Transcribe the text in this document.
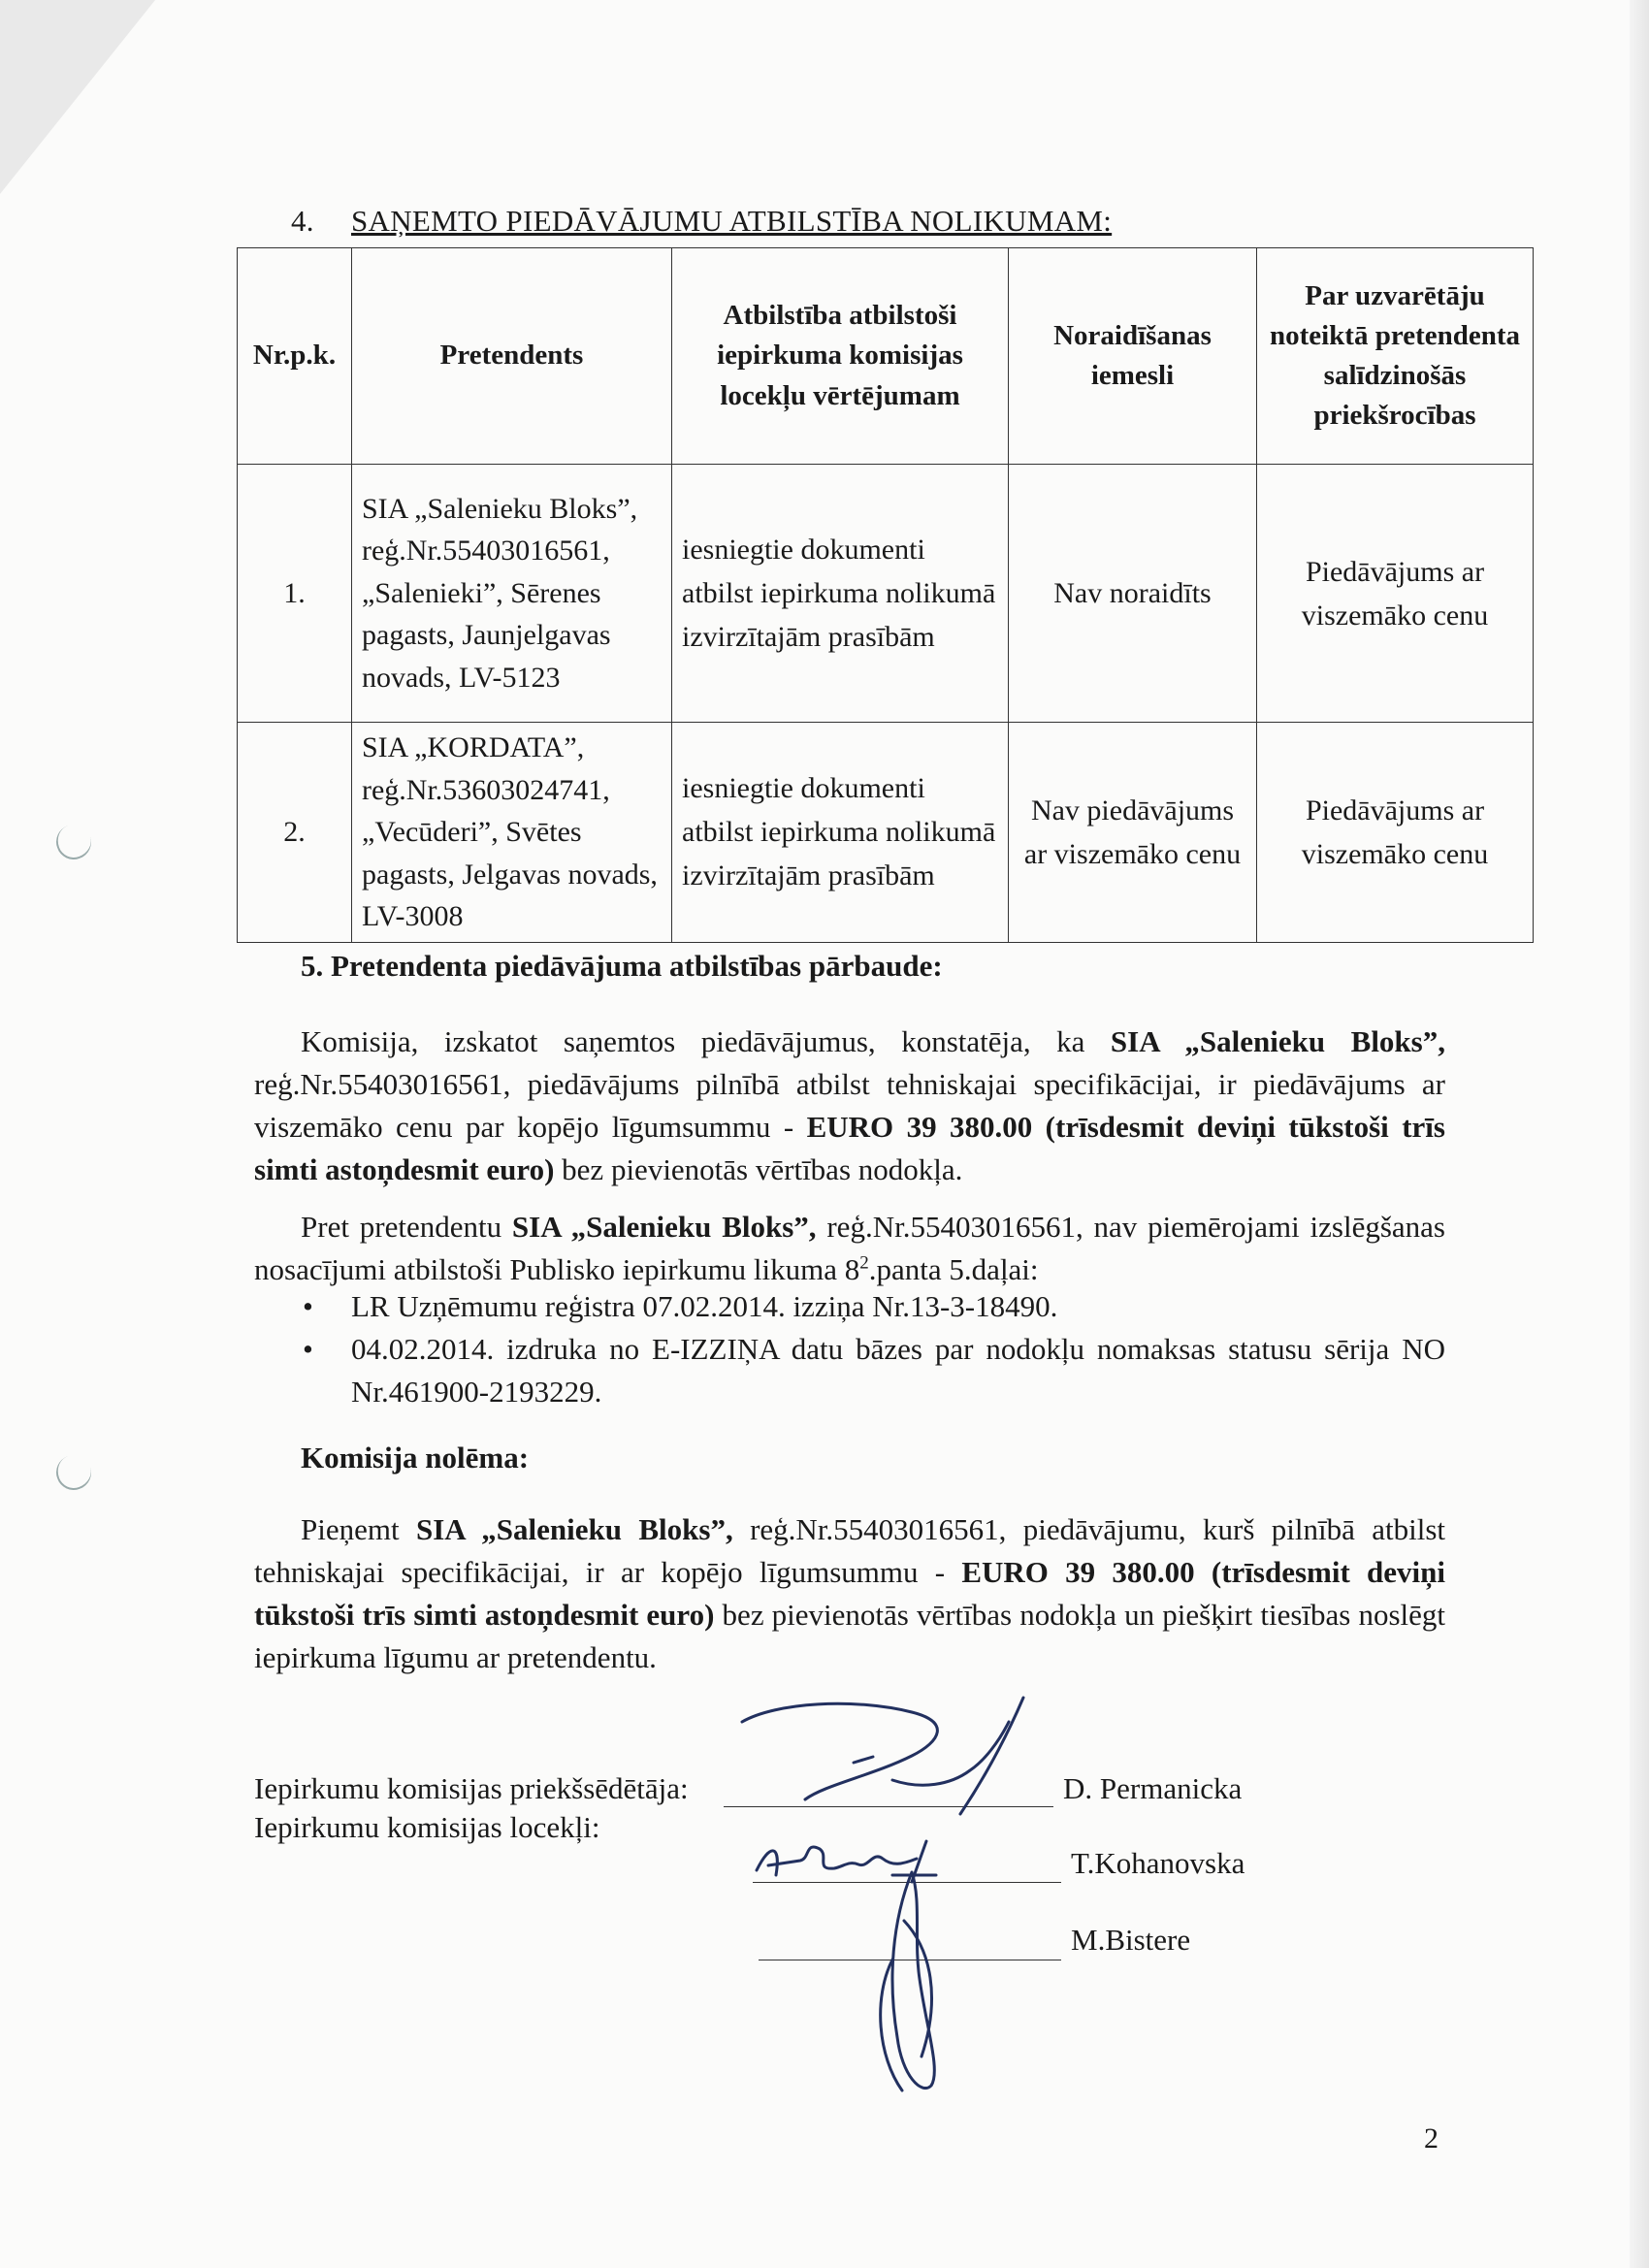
4. SAŅEMTO PIEDĀVĀJUMU ATBILSTĪBA NOLIKUMAM:
Nr.p.k.	Pretendents	Atbilstība atbilstoši iepirkuma komisijas locekļu vērtējumam	Noraidīšanas iemesli	Par uzvarētāju noteiktā pretendenta salīdzinošās priekšrocības
1.	SIA „Salenieku Bloks”, reģ.Nr.55403016561, „Salenieki”, Sērenes pagasts, Jaunjelgavas novads, LV-5123	iesniegtie dokumenti atbilst iepirkuma nolikumā izvirzītajām prasībām	Nav noraidīts	Piedāvājums ar viszemāko cenu
2.	SIA „KORDATA”, reģ.Nr.53603024741, „Vecūderi”, Svētes pagasts, Jelgavas novads, LV-3008	iesniegtie dokumenti atbilst iepirkuma nolikumā izvirzītajām prasībām	Nav piedāvājums ar viszemāko cenu	Piedāvājums ar viszemāko cenu
5. Pretendenta piedāvājuma atbilstības pārbaude:
Komisija, izskatot saņemtos piedāvājumus, konstatēja, ka SIA „Salenieku Bloks”, reģ.Nr.55403016561, piedāvājums pilnībā atbilst tehniskajai specifikācijai, ir piedāvājums ar viszemāko cenu par kopējo līgumsummu - EURO 39 380.00 (trīsdesmit deviņi tūkstoši trīs simti astoņdesmit euro) bez pievienotās vērtības nodokļa.
Pret pretendentu SIA „Salenieku Bloks”, reģ.Nr.55403016561, nav piemērojami izslēgšanas nosacījumi atbilstoši Publisko iepirkumu likuma $8^2.panta$ 5.daļai:
• LR Uzņēmumu reģistra 07.02.2014. izziņa Nr.13-3-18490.
• 04.02.2014. izdruka no E-IZZIŅA datu bāzes par nodokļu nomaksas statusu sērija NO Nr.461900-2193229.
Komisija nolēma:
Pieņemt SIA „Salenieku Bloks”, reģ.Nr.55403016561, piedāvājumu, kurš pilnībā atbilst tehniskajai specifikācijai, ir ar kopējo līgumsummu - EURO 39 380.00 (trīsdesmit deviņi tūkstoši trīs simti astoņdesmit euro) bez pievienotās vērtības nodokļa un piešķirt tiesības noslēgt iepirkuma līgumu ar pretendentu.
Iepirkumu komisijas priekšsēdētāja:
Iepirkumu komisijas locekļi:
D. Permanicka
T.Kohanovska
M.Bistere
2
